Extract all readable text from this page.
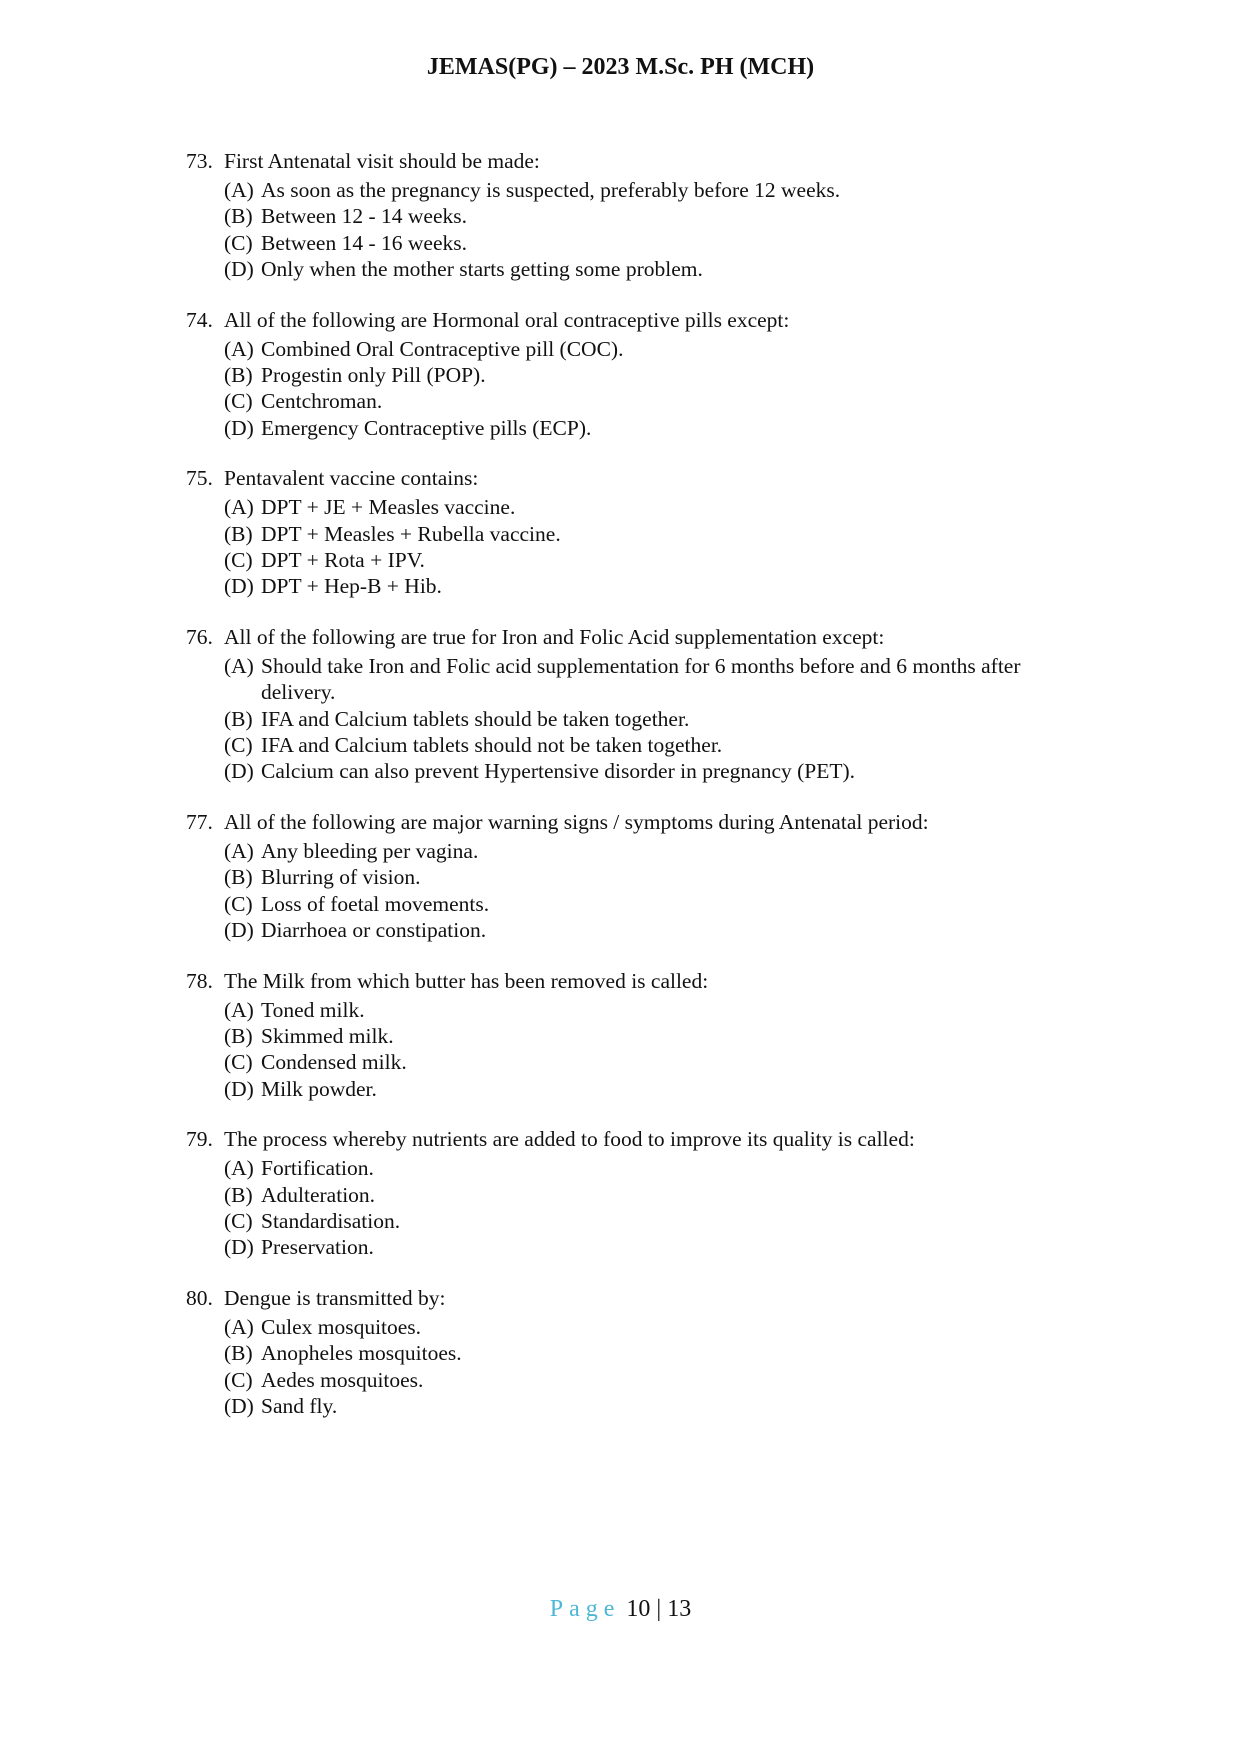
JEMAS(PG) – 2023 M.Sc. PH (MCH)
73. First Antenatal visit should be made:
(A) As soon as the pregnancy is suspected, preferably before 12 weeks.
(B) Between 12 - 14 weeks.
(C) Between 14 - 16 weeks.
(D) Only when the mother starts getting some problem.
74. All of the following are Hormonal oral contraceptive pills except:
(A) Combined Oral Contraceptive pill (COC).
(B) Progestin only Pill (POP).
(C) Centchroman.
(D) Emergency Contraceptive pills (ECP).
75. Pentavalent vaccine contains:
(A) DPT + JE + Measles vaccine.
(B) DPT + Measles + Rubella vaccine.
(C) DPT + Rota + IPV.
(D) DPT + Hep-B + Hib.
76. All of the following are true for Iron and Folic Acid supplementation except:
(A) Should take Iron and Folic acid supplementation for 6 months before and 6 months after delivery.
(B) IFA and Calcium tablets should be taken together.
(C) IFA and Calcium tablets should not be taken together.
(D) Calcium can also prevent Hypertensive disorder in pregnancy (PET).
77. All of the following are major warning signs / symptoms during Antenatal period:
(A) Any bleeding per vagina.
(B) Blurring of vision.
(C) Loss of foetal movements.
(D) Diarrhoea or constipation.
78. The Milk from which butter has been removed is called:
(A) Toned milk.
(B) Skimmed milk.
(C) Condensed milk.
(D) Milk powder.
79. The process whereby nutrients are added to food to improve its quality is called:
(A) Fortification.
(B) Adulteration.
(C) Standardisation.
(D) Preservation.
80. Dengue is transmitted by:
(A) Culex mosquitoes.
(B) Anopheles mosquitoes.
(C) Aedes mosquitoes.
(D) Sand fly.
Page 10 | 13
